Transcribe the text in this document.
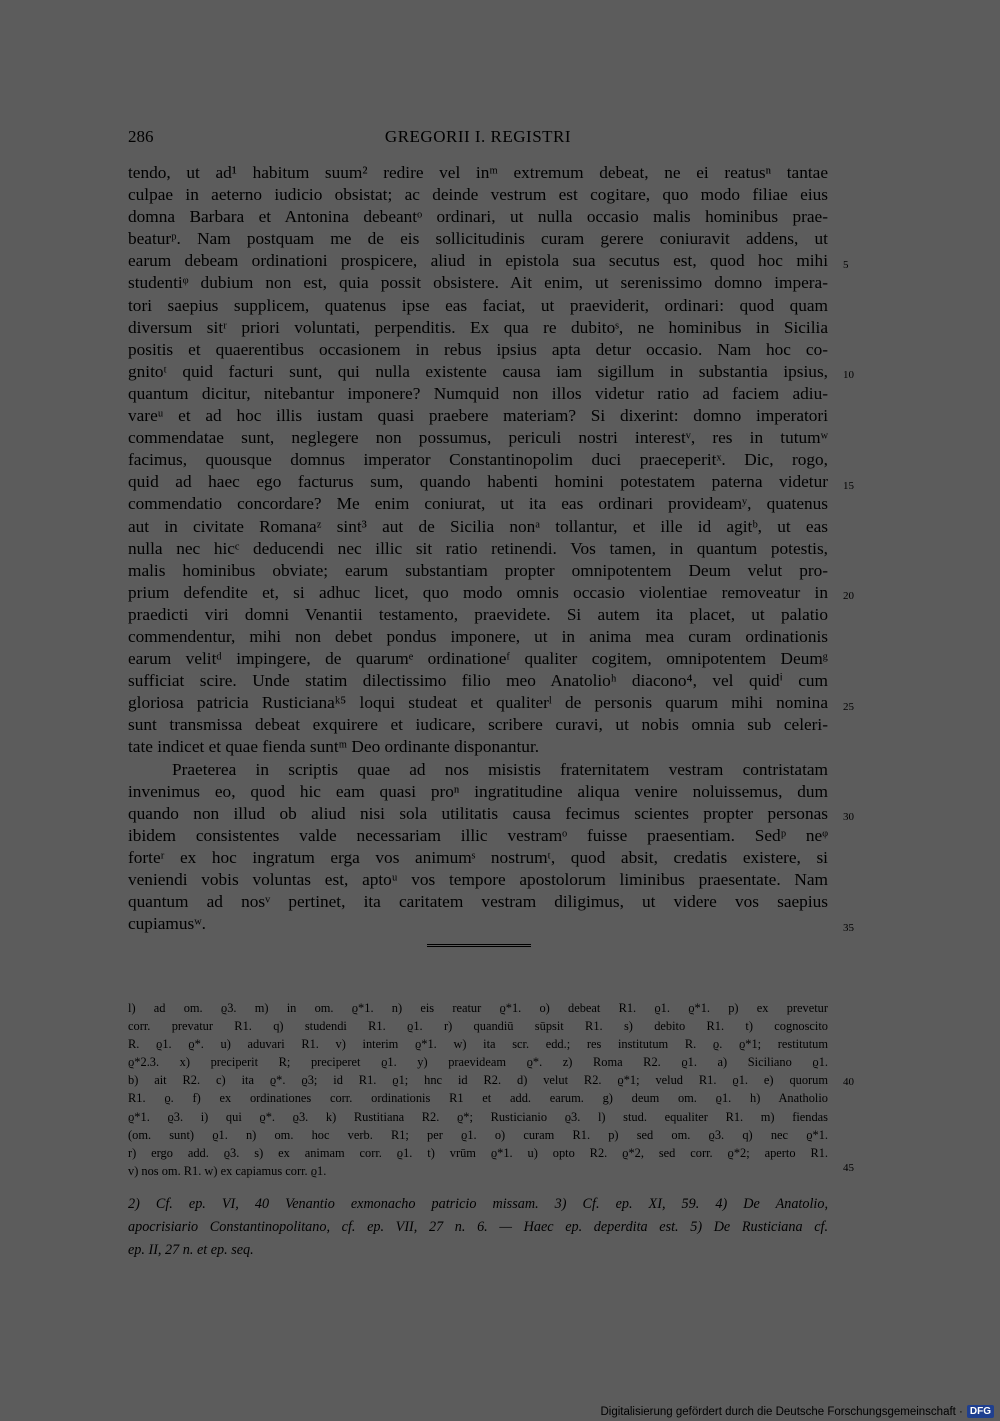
286	GREGORII I. REGISTRI
tendo, ut ad¹ habitum suum² redire vel inᵐ extremum debeat, ne ei reatusⁿ tantae
culpae in aeterno iudicio obsistat; ac deinde vestrum est cogitare, quo modo filiae eius
domna Barbara et Antonina debeantᵒ ordinari, ut nulla occasio malis hominibus prae-
beaturᵖ. Nam postquam me de eis sollicitudinis curam gerere coniuravit addens, ut
earum debeam ordinationi prospicere, aliud in epistola sua secutus est, quod hoc mihi
studentiᵠ dubium non est, quia possit obsistere. Ait enim, ut serenissimo domno impera-
tori saepius supplicem, quatenus ipse eas faciat, ut praeviderit, ordinari: quod quam
diversum sitʳ priori voluntati, perpenditis. Ex qua re dubitoˢ, ne hominibus in Sicilia
positis et quaerentibus occasionem in rebus ipsius apta detur occasio. Nam hoc co-
gnitoᵗ quid facturi sunt, qui nulla existente causa iam sigillum in substantia ipsius,
quantum dicitur, nitebantur imponere? Numquid non illos videtur ratio ad faciem adiu-
vareᵘ et ad hoc illis iustam quasi praebere materiam? Si dixerint: domno imperatori
commendatae sunt, neglegere non possumus, periculi nostri interestᵛ, res in tutumʷ
facimus, quousque domnus imperator Constantinopolim duci praeceperitˣ. Dic, rogo,
quid ad haec ego facturus sum, quando habenti homini potestatem paterna videtur
commendatio concordare? Me enim coniurat, ut ita eas ordinari provideamʸ, quatenus
aut in civitate Romanaᶻ sint³ aut de Sicilia nonᵃ tollantur, et ille id agitᵇ, ut eas
nulla nec hicᶜ deducendi nec illic sit ratio retinendi. Vos tamen, in quantum potestis,
malis hominibus obviate; earum substantiam propter omnipotentem Deum velut pro-
prium defendite et, si adhuc licet, quo modo omnis occasio violentiae removeatur in
praedicti viri domni Venantii testamento, praevidete. Si autem ita placet, ut palatio
commendentur, mihi non debet pondus imponere, ut in anima mea curam ordinationis
earum velitᵈ impingere, de quarumᵉ ordinationeᶠ qualiter cogitem, omnipotentem Deumᵍ
sufficiat scire. Unde statim dilectissimo filio meo Anatolioʰ diacono⁴, vel quidⁱ cum
gloriosa patricia Rusticianaᵏ⁵ loqui studeat et qualiterˡ de personis quarum mihi nomina
sunt transmissa debeat exquirere et iudicare, scribere curavi, ut nobis omnia sub celeri-
tate indicet et quae fienda suntᵐ Deo ordinante disponantur.
Praeterea in scriptis quae ad nos misistis fraternitatem vestram contristatam
invenimus eo, quod hic eam quasi proⁿ ingratitudine aliqua venire noluissemus, dum
quando non illud ob aliud nisi sola utilitatis causa fecimus scientes propter personas
ibidem consistentes valde necessariam illic vestramᵒ fuisse praesentiam. Sedᵖ neᵠ
forteʳ ex hoc ingratum erga vos animumˢ nostrumᵗ, quod absit, credatis existere, si
veniendi vobis voluntas est, aptoᵘ vos tempore apostolorum liminibus praesentate. Nam
quantum ad nosᵛ pertinet, ita caritatem vestram diligimus, ut videre vos saepius
cupiamusʷ.
5
10
15
20
25
30
35
l) ad om. ϱ3. m) in om. ϱ*1. n) eis reatur ϱ*1. o) debeat R1. ϱ1. ϱ*1. p) ex prevetur
corr. prevatur R1. q) studendi R1. ϱ1. r) quandiū sūpsit R1. s) debito R1. t) cognoscito
R. ϱ1. ϱ*. u) aduvari R1. v) interim ϱ*1. w) ita scr. edd.; res institutum R. ϱ. ϱ*1; restitutum
ϱ*2.3. x) preciperit R; preciperet ϱ1. y) praevideam ϱ*. z) Roma R2. ϱ1. a) Siciliano ϱ1.
b) ait R2. c) ita ϱ*. ϱ3; id R1. ϱ1; hnc id R2. d) velut R2. ϱ*1; velud R1. ϱ1. e) quorum
R1. ϱ. f) ex ordinationes corr. ordinationis R1 et add. earum. g) deum om. ϱ1. h) Anatholio
ϱ*1. ϱ3. i) qui ϱ*. ϱ3. k) Rustitiana R2. ϱ*; Rusticianio ϱ3. l) stud. equaliter R1. m) fiendas
(om. sunt) ϱ1. n) om. hoc verb. R1; per ϱ1. o) curam R1. p) sed om. ϱ3. q) nec ϱ*1.
r) ergo add. ϱ3. s) ex animam corr. ϱ1. t) vrūm ϱ*1. u) opto R2. ϱ*2, sed corr. ϱ*2; aperto R1.
v) nos om. R1. w) ex capiamus corr. ϱ1.
40
45
2) Cf. ep. VI, 40 Venantio exmonacho patricio missam. 3) Cf. ep. XI, 59. 4) De Anatolio,
apocrisiario Constantinopolitano, cf. ep. VII, 27 n. 6. — Haec ep. deperdita est. 5) De Rusticiana cf.
ep. II, 27 n. et ep. seq.
Digitalisierung gefördert durch die Deutsche Forschungsgemeinschaft · DFG
